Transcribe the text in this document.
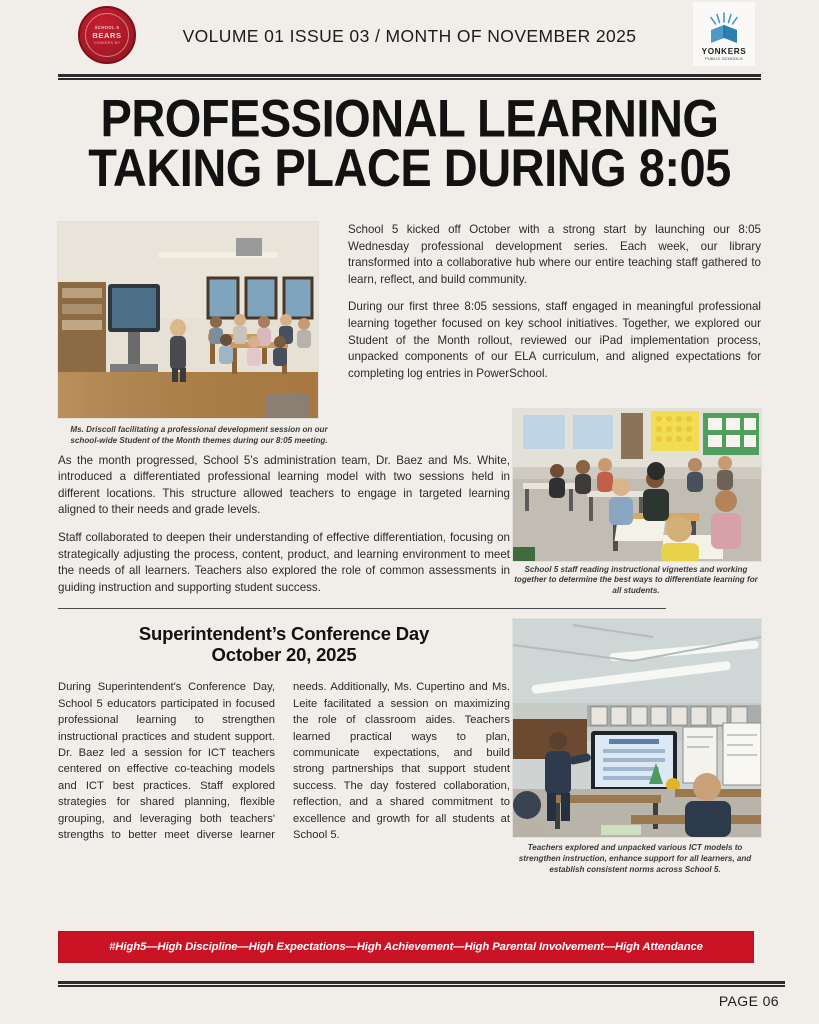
SCHOOL 5
BEARS
YONKERS NY	VOLUME 01 ISSUE 03 / MONTH OF NOVEMBER 2025
YONKERS
PUBLIC SCHOOLS
PROFESSIONAL LEARNING
TAKING PLACE DURING 8:05
Ms. Driscoll facilitating a professional development session on our school-wide Student of the Month themes during our 8:05 meeting.

School 5 kicked off October with a strong start by launching our 8:05 Wednesday professional development series. Each week, our library transformed into a collaborative hub where our entire teaching staff gathered to learn, reflect, and build community.

During our first three 8:05 sessions, staff engaged in meaningful professional learning together focused on key school initiatives. Together, we explored our Student of the Month rollout, reviewed our iPad implementation process, unpacked components of our ELA curriculum, and aligned expectations for completing log entries in PowerSchool.

As the month progressed, School 5's administration team, Dr. Baez and Ms. White, introduced a differentiated professional learning model with two sessions held in different locations. This structure allowed teachers to engage in targeted learning aligned to their needs and grade levels.

Staff collaborated to deepen their understanding of effective differentiation, focusing on strategically adjusting the process, content, product, and learning environment to meet the needs of all learners. Teachers also explored the role of common assessments in guiding instruction and supporting student success.

School 5 staff reading instructional vignettes and working together to determine the best ways to differentiate learning for all students.
Superintendent’s Conference Day
October 20, 2025

During Superintendent's Conference Day, School 5 educators participated in focused professional learning to strengthen instructional practices and student support. Dr. Baez led a session for ICT teachers centered on effective co-teaching models and ICT best practices. Staff explored strategies for shared planning, flexible grouping, and leveraging both teachers' strengths to better meet diverse learner needs. Additionally, Ms. Cupertino and Ms. Leite facilitated a session on maximizing the role of classroom aides. Teachers learned practical ways to plan, communicate expectations, and build strong partnerships that support student success. The day fostered collaboration, reflection, and a shared commitment to excellence and growth for all students at School 5.

Teachers explored and unpacked various ICT models to strengthen instruction, enhance support for all learners, and establish consistent norms across School 5.
#High5—High Discipline—High Expectations—High Achievement—High Parental Involvement—High Attendance
PAGE 06
